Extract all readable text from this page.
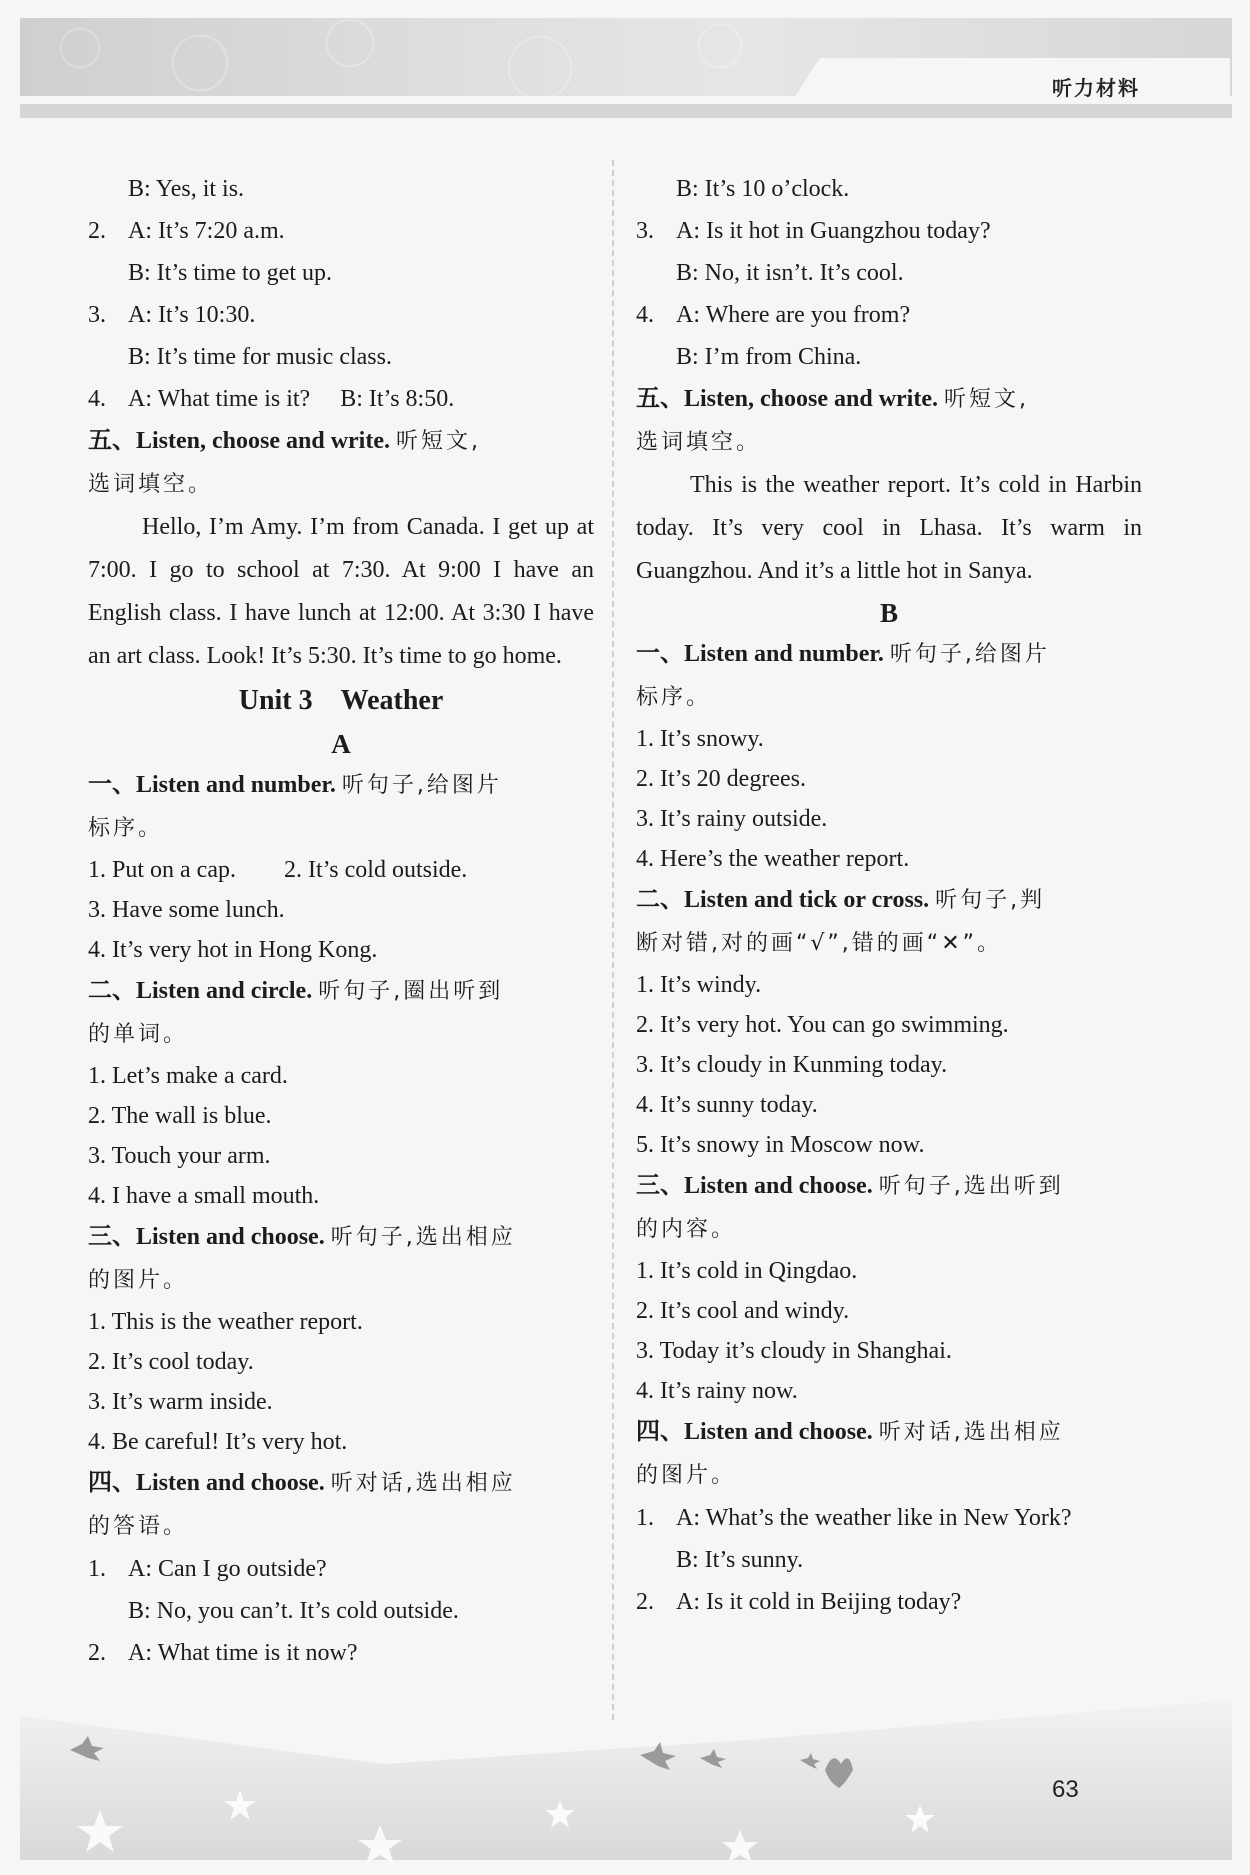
听力材料
B: Yes, it is.
2. A: It’s 7:20 a.m.
B: It’s time to get up.
3. A: It’s 10:30.
B: It’s time for music class.
4. A: What time is it?　 B: It’s 8:50.
五、Listen, choose and write. 听短文,
选词填空。
Hello, I’m Amy. I’m from Canada. I get up at 7:00. I go to school at 7:30. At 9:00 I have an English class. I have lunch at 12:00. At 3:30 I have an art class. Look! It’s 5:30. It’s time to go home.
Unit 3　Weather
A
一、Listen and number. 听句子,给图片
标序。
1. Put on a cap.　　2. It’s cold outside.
3. Have some lunch.
4. It’s very hot in Hong Kong.
二、Listen and circle. 听句子,圈出听到
的单词。
1. Let’s make a card.
2. The wall is blue.
3. Touch your arm.
4. I have a small mouth.
三、Listen and choose. 听句子,选出相应
的图片。
1. This is the weather report.
2. It’s cool today.
3. It’s warm inside.
4. Be careful! It’s very hot.
四、Listen and choose. 听对话,选出相应
的答语。
1. A: Can I go outside?
B: No, you can’t. It’s cold outside.
2. A: What time is it now?
B: It’s 10 o’clock.
3. A: Is it hot in Guangzhou today?
B: No, it isn’t. It’s cool.
4. A: Where are you from?
B: I’m from China.
五、Listen, choose and write. 听短文,
选词填空。
This is the weather report. It’s cold in Harbin today. It’s very cool in Lhasa. It’s warm in Guangzhou. And it’s a little hot in Sanya.
B
一、Listen and number. 听句子,给图片
标序。
1. It’s snowy.
2. It’s 20 degrees.
3. It’s rainy outside.
4. Here’s the weather report.
二、Listen and tick or cross. 听句子,判
断对错,对的画“√”,错的画“✕”。
1. It’s windy.
2. It’s very hot. You can go swimming.
3. It’s cloudy in Kunming today.
4. It’s sunny today.
5. It’s snowy in Moscow now.
三、Listen and choose. 听句子,选出听到
的内容。
1. It’s cold in Qingdao.
2. It’s cool and windy.
3. Today it’s cloudy in Shanghai.
4. It’s rainy now.
四、Listen and choose. 听对话,选出相应
的图片。
1. A: What’s the weather like in New York?
B: It’s sunny.
2. A: Is it cold in Beijing today?
63
